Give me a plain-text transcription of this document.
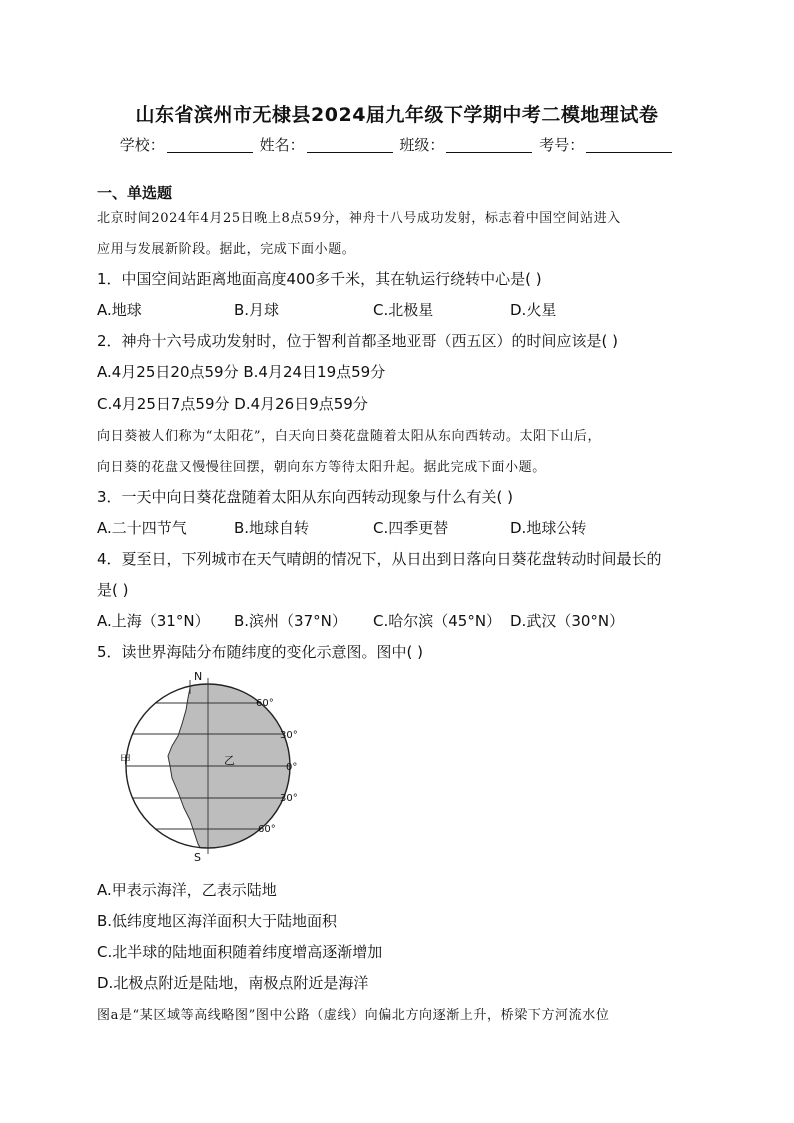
山东省滨州市无棣县2024届九年级下学期中考二模地理试卷
学校：	姓名：	班级：	考号：
一、单选题
北京时间2024年4月25日晚上8点59分，神舟十八号成功发射，标志着中国空间站进入
应用与发展新阶段。据此，完成下面小题。
1．中国空间站距离地面高度400多千米，其在轨运行绕转中心是( )
A.地球	B.月球	C.北极星	D.火星
2．神舟十六号成功发射时，位于智利首都圣地亚哥（西五区）的时间应该是( )
A.4月25日20点59分 B.4月24日19点59分
C.4月25日7点59分 D.4月26日9点59分
向日葵被人们称为“太阳花”，白天向日葵花盘随着太阳从东向西转动。太阳下山后，
向日葵的花盘又慢慢往回摆，朝向东方等待太阳升起。据此完成下面小题。
3．一天中向日葵花盘随着太阳从东向西转动现象与什么有关( )
A.二十四节气	B.地球自转	C.四季更替	D.地球公转
4．夏至日，下列城市在天气晴朗的情况下，从日出到日落向日葵花盘转动时间最长的
是( )
A.上海（31°N） B.滨州（37°N） C.哈尔滨（45°N） D.武汉（30°N）
5．读世界海陆分布随纬度的变化示意图。图中( )
N
S
甲	乙
60°
30°
0°
30°
60°
A.甲表示海洋，乙表示陆地
B.低纬度地区海洋面积大于陆地面积
C.北半球的陆地面积随着纬度增高逐渐增加
D.北极点附近是陆地，南极点附近是海洋
图a是“某区域等高线略图”图中公路（虚线）向偏北方向逐渐上升，桥梁下方河流水位
